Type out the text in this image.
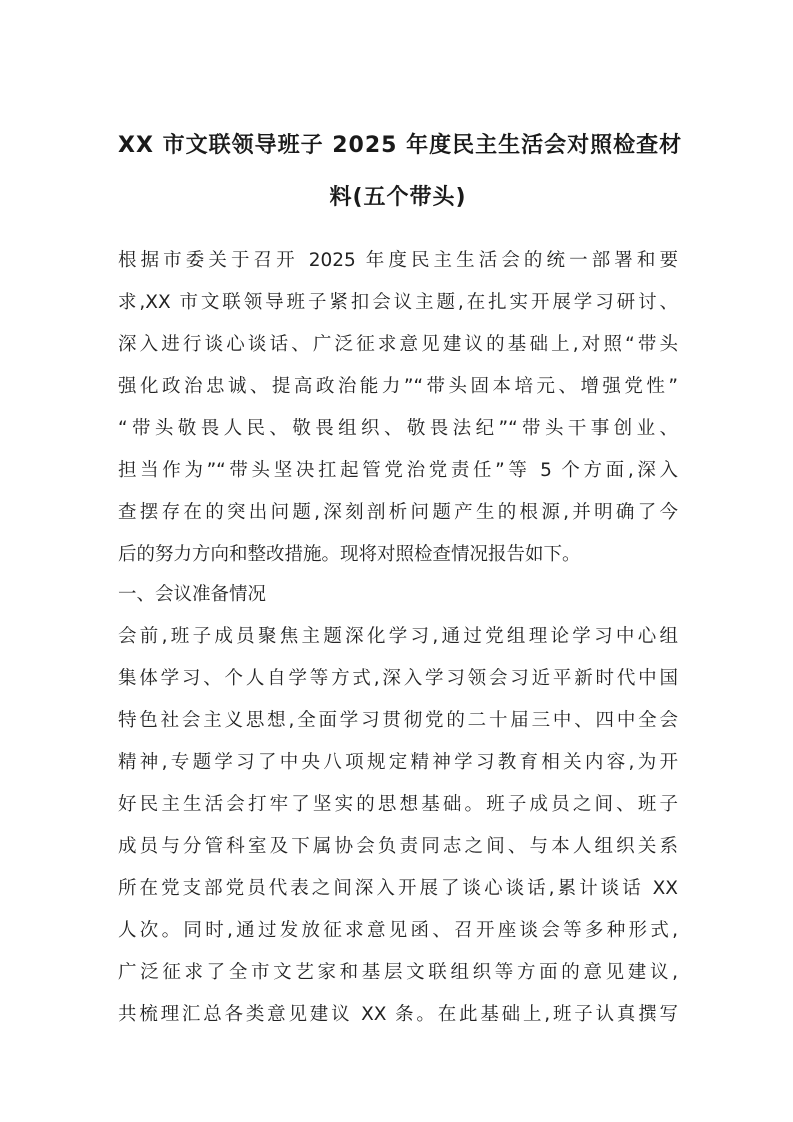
XX 市文联领导班子 2025 年度民主生活会对照检查材
料(五个带头)
根据市委关于召开 2025 年度民主生活会的统一部署和要
求,XX 市文联领导班子紧扣会议主题,在扎实开展学习研讨、
深入进行谈心谈话、广泛征求意见建议的基础上,对照“带头
强化政治忠诚、提高政治能力”“带头固本培元、增强党性”
“带头敬畏人民、敬畏组织、敬畏法纪”“带头干事创业、
担当作为”“带头坚决扛起管党治党责任”等 5 个方面,深入
查摆存在的突出问题,深刻剖析问题产生的根源,并明确了今
后的努力方向和整改措施。现将对照检查情况报告如下。
一、会议准备情况
会前,班子成员聚焦主题深化学习,通过党组理论学习中心组
集体学习、个人自学等方式,深入学习领会习近平新时代中国
特色社会主义思想,全面学习贯彻党的二十届三中、四中全会
精神,专题学习了中央八项规定精神学习教育相关内容,为开
好民主生活会打牢了坚实的思想基础。班子成员之间、班子
成员与分管科室及下属协会负责同志之间、与本人组织关系
所在党支部党员代表之间深入开展了谈心谈话,累计谈话 XX
人次。同时,通过发放征求意见函、召开座谈会等多种形式,
广泛征求了全市文艺家和基层文联组织等方面的意见建议,
共梳理汇总各类意见建议 XX 条。在此基础上,班子认真撰写
